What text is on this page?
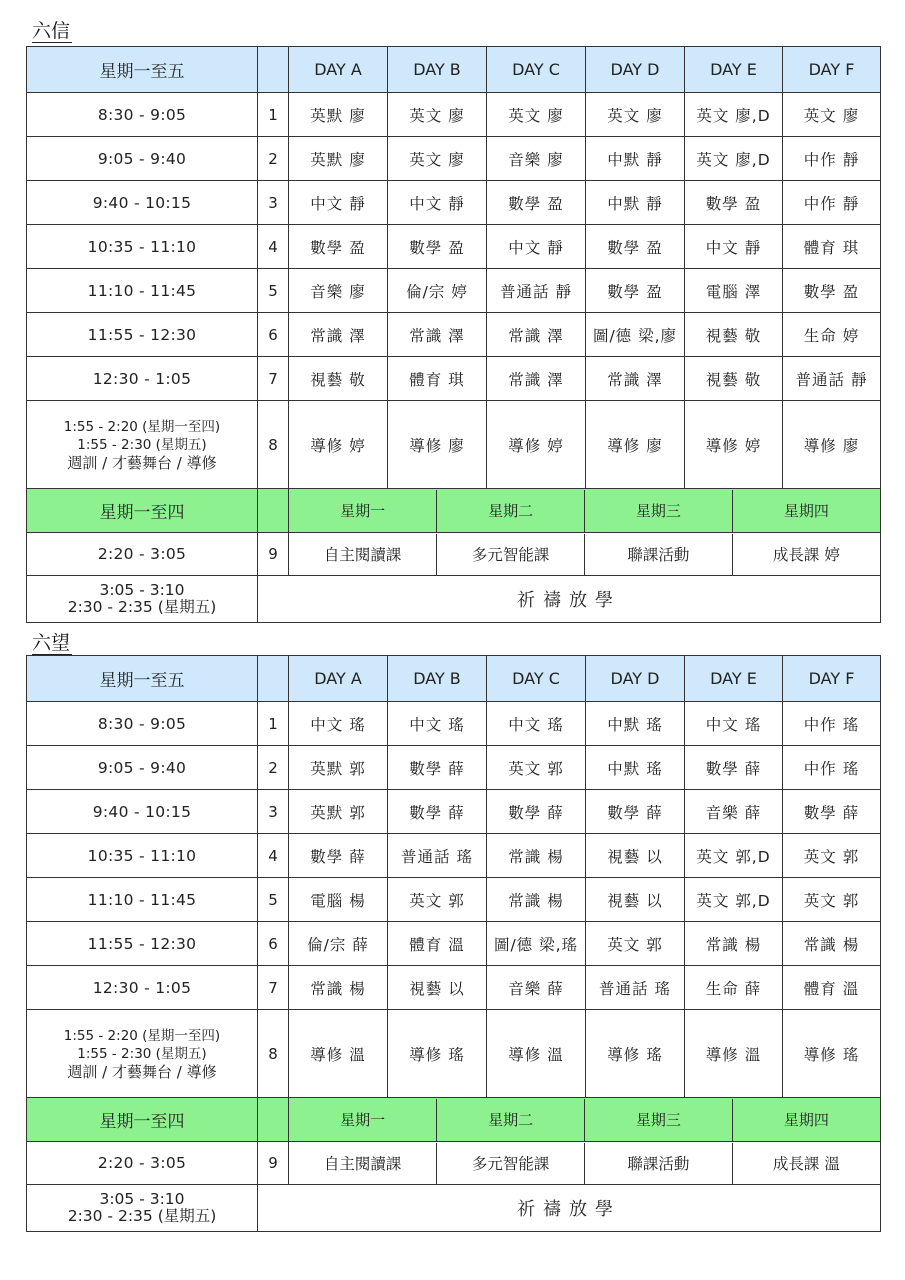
六信
星期一至五		DAY A	DAY B	DAY C	DAY D	DAY E	DAY F
8:30 - 9:05	1	英默 廖	英文 廖	英文 廖	英文 廖	英文 廖,D	英文 廖
9:05 - 9:40	2	英默 廖	英文 廖	音樂 廖	中默 靜	英文 廖,D	中作 靜
9:40 - 10:15	3	中文 靜	中文 靜	數學 盈	中默 靜	數學 盈	中作 靜
10:35 - 11:10	4	數學 盈	數學 盈	中文 靜	數學 盈	中文 靜	體育 琪
11:10 - 11:45	5	音樂 廖	倫/宗 婷	普通話 靜	數學 盈	電腦 澤	數學 盈
11:55 - 12:30	6	常識 澤	常識 澤	常識 澤	圖/德 梁,廖	視藝 敬	生命 婷
12:30 - 1:05	7	視藝 敬	體育 琪	常識 澤	常識 澤	視藝 敬	普通話 靜

1:55 - 2:20 (星期一至四)
1:55 - 2:30 (星期五)
週訓 / 才藝舞台 / 導修
	8	導修 婷	導修 廖	導修 婷	導修 廖	導修 婷	導修 廖
星期一至四			星期一	星期二	星期三	星期四

2:20 - 3:05	9		自主閱讀課	多元智能課	聯課活動	成長課 婷

3:05 - 3:10
2:30 - 2:35 (星期五)	祈禱放學
六望
星期一至五		DAY A	DAY B	DAY C	DAY D	DAY E	DAY F
8:30 - 9:05	1	中文 瑤	中文 瑤	中文 瑤	中默 瑤	中文 瑤	中作 瑤
9:05 - 9:40	2	英默 郭	數學 薛	英文 郭	中默 瑤	數學 薛	中作 瑤
9:40 - 10:15	3	英默 郭	數學 薛	數學 薛	數學 薛	音樂 薛	數學 薛
10:35 - 11:10	4	數學 薛	普通話 瑤	常識 楊	視藝 以	英文 郭,D	英文 郭
11:10 - 11:45	5	電腦 楊	英文 郭	常識 楊	視藝 以	英文 郭,D	英文 郭
11:55 - 12:30	6	倫/宗 薛	體育 溫	圖/德 梁,瑤	英文 郭	常識 楊	常識 楊
12:30 - 1:05	7	常識 楊	視藝 以	音樂 薛	普通話 瑤	生命 薛	體育 溫

1:55 - 2:20 (星期一至四)
1:55 - 2:30 (星期五)
週訓 / 才藝舞台 / 導修
	8	導修 溫	導修 瑤	導修 溫	導修 瑤	導修 溫	導修 瑤
星期一至四			星期一	星期二	星期三	星期四

2:20 - 3:05	9		自主閱讀課	多元智能課	聯課活動	成長課 溫

3:05 - 3:10
2:30 - 2:35 (星期五)	祈禱放學
